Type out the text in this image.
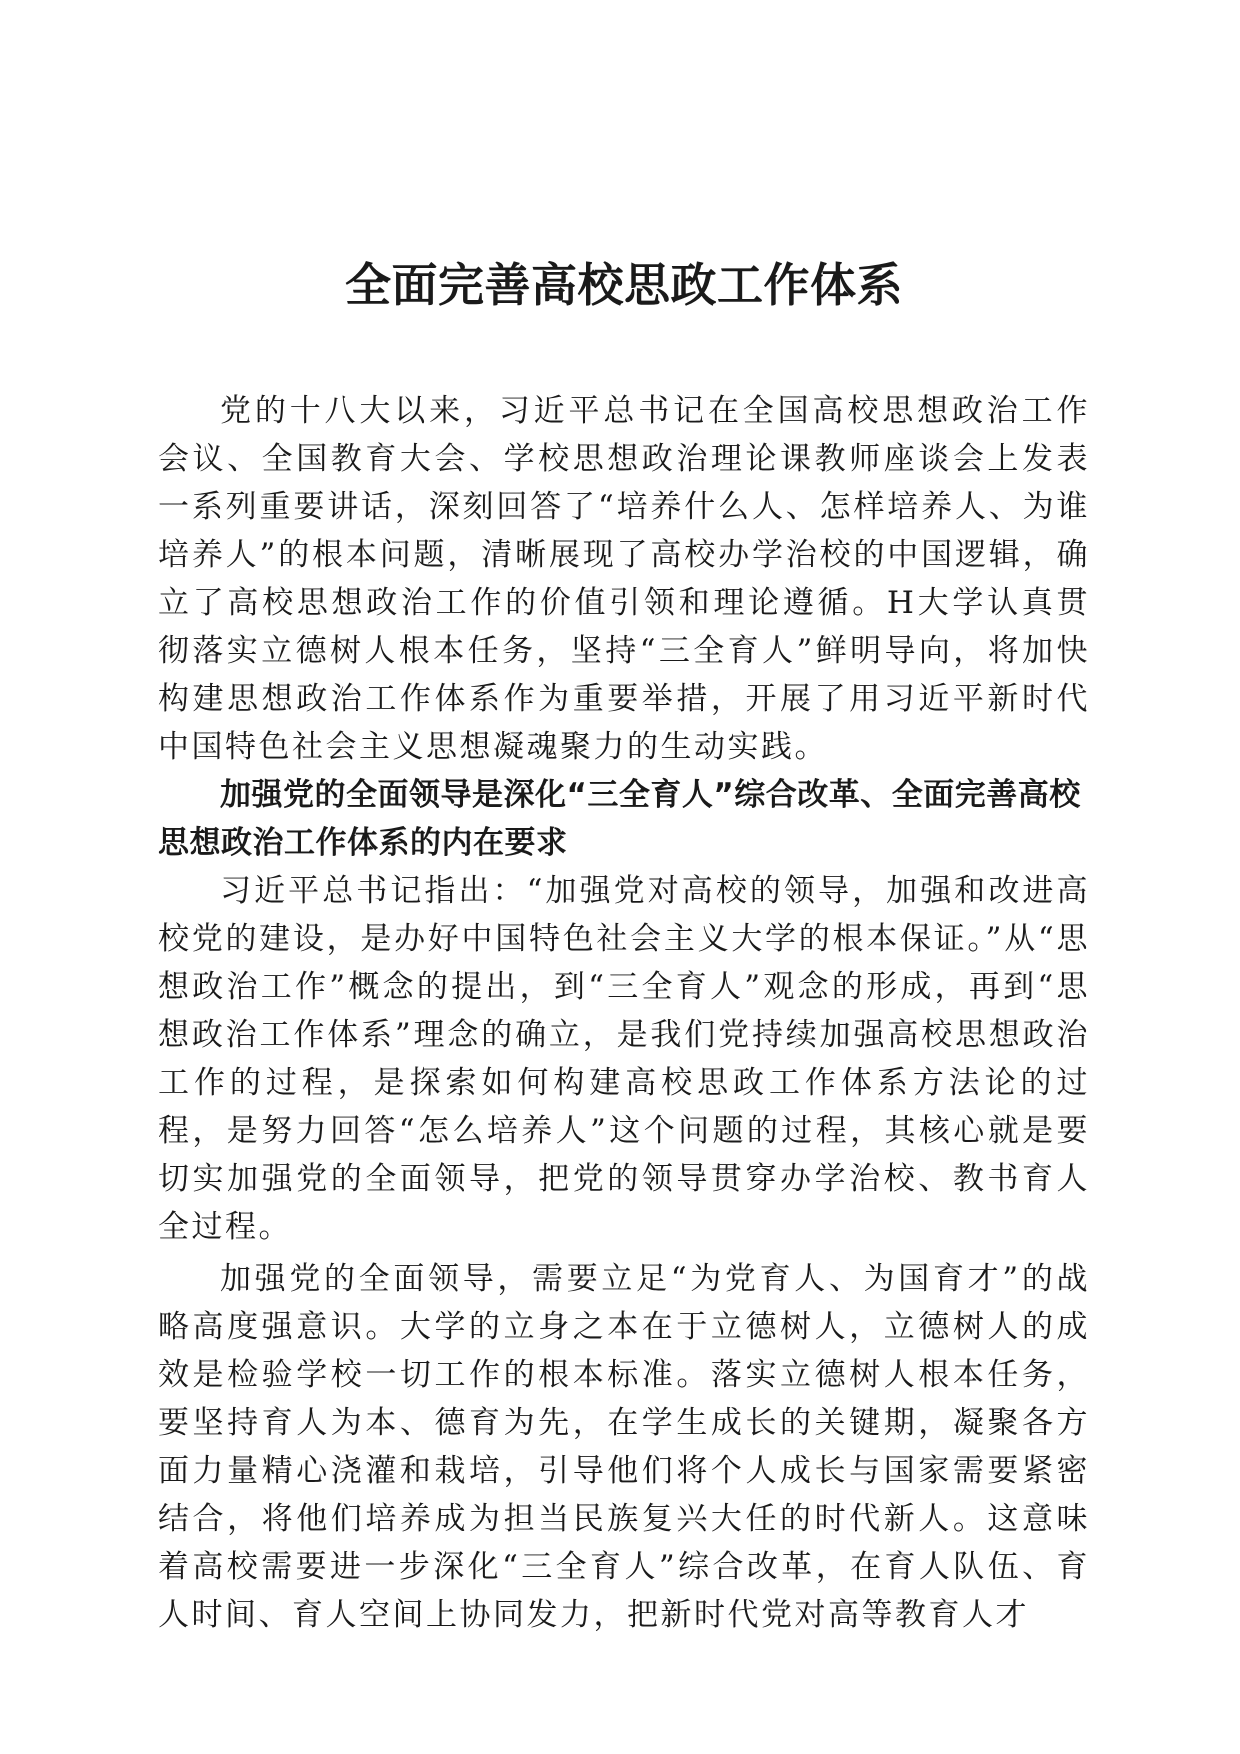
全面完善高校思政工作体系

党的十八大以来，习近平总书记在全国高校思想政治工作会议、全国教育大会、学校思想政治理论课教师座谈会上发表一系列重要讲话，深刻回答了“培养什么人、怎样培养人、为谁培养人”的根本问题，清晰展现了高校办学治校的中国逻辑，确立了高校思想政治工作的价值引领和理论遵循。H大学认真贯彻落实立德树人根本任务，坚持“三全育人”鲜明导向，将加快构建思想政治工作体系作为重要举措，开展了用习近平新时代中国特色社会主义思想凝魂聚力的生动实践。

加强党的全面领导是深化“三全育人”综合改革、全面完善高校思想政治工作体系的内在要求

习近平总书记指出：“加强党对高校的领导，加强和改进高校党的建设，是办好中国特色社会主义大学的根本保证。”从“思想政治工作”概念的提出，到“三全育人”观念的形成，再到“思想政治工作体系”理念的确立，是我们党持续加强高校思想政治工作的过程，是探索如何构建高校思政工作体系方法论的过程，是努力回答“怎么培养人”这个问题的过程，其核心就是要切实加强党的全面领导，把党的领导贯穿办学治校、教书育人全过程。

加强党的全面领导，需要立足“为党育人、为国育才”的战略高度强意识。大学的立身之本在于立德树人，立德树人的成效是检验学校一切工作的根本标准。落实立德树人根本任务，要坚持育人为本、德育为先，在学生成长的关键期，凝聚各方面力量精心浇灌和栽培，引导他们将个人成长与国家需要紧密结合，将他们培养成为担当民族复兴大任的时代新人。这意味着高校需要进一步深化“三全育人”综合改革，在育人队伍、育人时间、育人空间上协同发力，把新时代党对高等教育人才
